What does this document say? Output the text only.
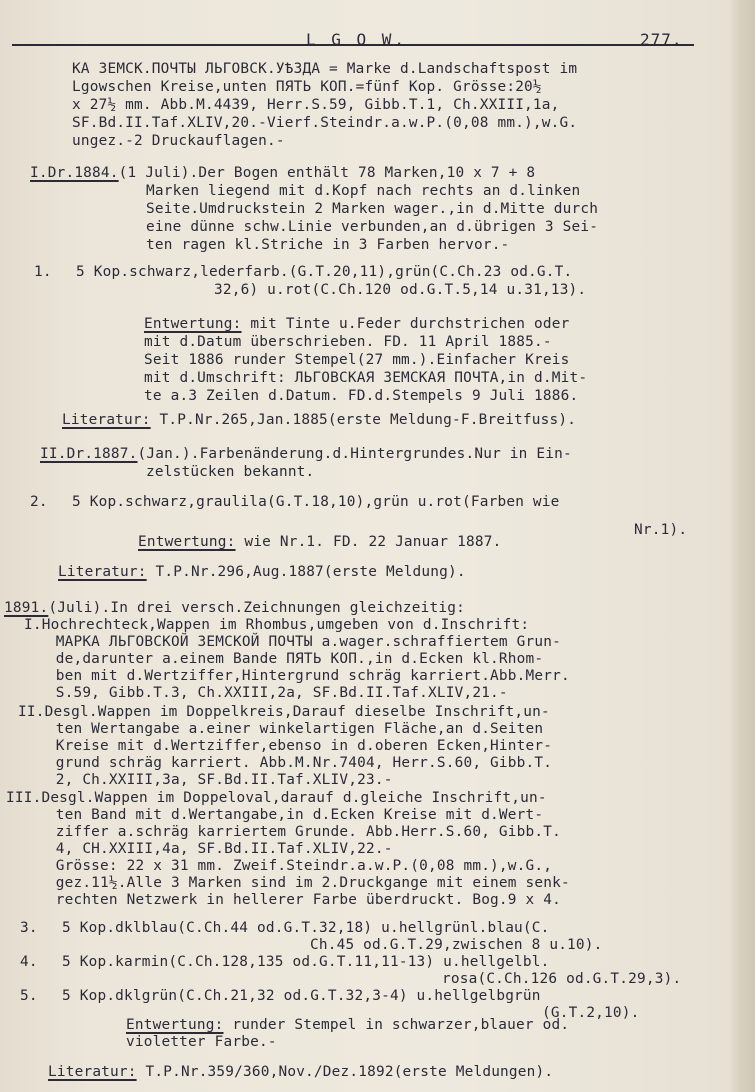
L G O W.	277.
КА ЗЕМСК.ПОЧТЫ ЛЬГОВСК.УѢЗДА = Marke d.Landschaftspost im
Lgowschen Kreise,unten ПЯТЬ КОП.=fünf Kop. Grösse:20½
x 27½ mm. Abb.M.4439, Herr.S.59, Gibb.T.1, Ch.XXIII,1a,
SF.Bd.II.Taf.XLIV,20.-Vierf.Steindr.a.w.P.(0,08 mm.),w.G.
ungez.-2 Druckauflagen.-
I.Dr.1884.(1 Juli).Der Bogen enthält 78 Marken,10 x 7 + 8
Marken liegend mit d.Kopf nach rechts an d.linken
Seite.Umdruckstein 2 Marken wager.,in d.Mitte durch
eine dünne schw.Linie verbunden,an d.übrigen 3 Sei-
ten ragen kl.Striche in 3 Farben hervor.-
1. 5 Kop.schwarz,lederfarb.(G.T.20,11),grün(C.Ch.23 od.G.T.
32,6) u.rot(C.Ch.120 od.G.T.5,14 u.31,13).
Entwertung: mit Tinte u.Feder durchstrichen oder
mit d.Datum überschrieben. FD. 11 April 1885.-
Seit 1886 runder Stempel(27 mm.).Einfacher Kreis
mit d.Umschrift: ЛЬГОВСКАЯ ЗЕМСКАЯ ПОЧТА,in d.Mit-
te a.3 Zeilen d.Datum. FD.d.Stempels 9 Juli 1886.
Literatur: T.P.Nr.265,Jan.1885(erste Meldung-F.Breitfuss).
II.Dr.1887.(Jan.).Farbenänderung.d.Hintergrundes.Nur in Ein-
zelstücken bekannt.
2. 5 Kop.schwarz,graulila(G.T.18,10),grün u.rot(Farben wie
Nr.1).
Entwertung: wie Nr.1. FD. 22 Januar 1887.
Literatur: T.P.Nr.296,Aug.1887(erste Meldung).
1891.(Juli).In drei versch.Zeichnungen gleichzeitig:
I.Hochrechteck,Wappen im Rhombus,umgeben von d.Inschrift:
МАРКА ЛЬГОВСКОЙ ЗЕМСКОЙ ПОЧТЫ a.wager.schraffiertem Grun-
de,darunter a.einem Bande ПЯТЬ КОП.,in d.Ecken kl.Rhom-
ben mit d.Wertziffer,Hintergrund schräg karriert.Abb.Merr.
S.59, Gibb.T.3, Ch.XXIII,2a, SF.Bd.II.Taf.XLIV,21.-
II.Desgl.Wappen im Doppelkreis,Darauf dieselbe Inschrift,un-
ten Wertangabe a.einer winkelartigen Fläche,an d.Seiten
Kreise mit d.Wertziffer,ebenso in d.oberen Ecken,Hinter-
grund schräg karriert. Abb.M.Nr.7404, Herr.S.60, Gibb.T.
2, Ch.XXIII,3a, SF.Bd.II.Taf.XLIV,23.-
III.Desgl.Wappen im Doppeloval,darauf d.gleiche Inschrift,un-
ten Band mit d.Wertangabe,in d.Ecken Kreise mit d.Wert-
ziffer a.schräg karriertem Grunde. Abb.Herr.S.60, Gibb.T.
4, CH.XXIII,4a, SF.Bd.II.Taf.XLIV,22.-
Grösse: 22 x 31 mm. Zweif.Steindr.a.w.P.(0,08 mm.),w.G.,
gez.11½.Alle 3 Marken sind im 2.Druckgange mit einem senk-
rechten Netzwerk in hellerer Farbe überdruckt. Bog.9 x 4.
3. 5 Kop.dklblau(C.Ch.44 od.G.T.32,18) u.hellgrünl.blau(C.
Ch.45 od.G.T.29,zwischen 8 u.10).
4. 5 Kop.karmin(C.Ch.128,135 od.G.T.11,11-13) u.hellgelbl.
rosa(C.Ch.126 od.G.T.29,3).
5. 5 Kop.dklgrün(C.Ch.21,32 od.G.T.32,3-4) u.hellgelbgrün
(G.T.2,10).
Entwertung: runder Stempel in schwarzer,blauer od.
violetter Farbe.-
Literatur: T.P.Nr.359/360,Nov./Dez.1892(erste Meldungen).
